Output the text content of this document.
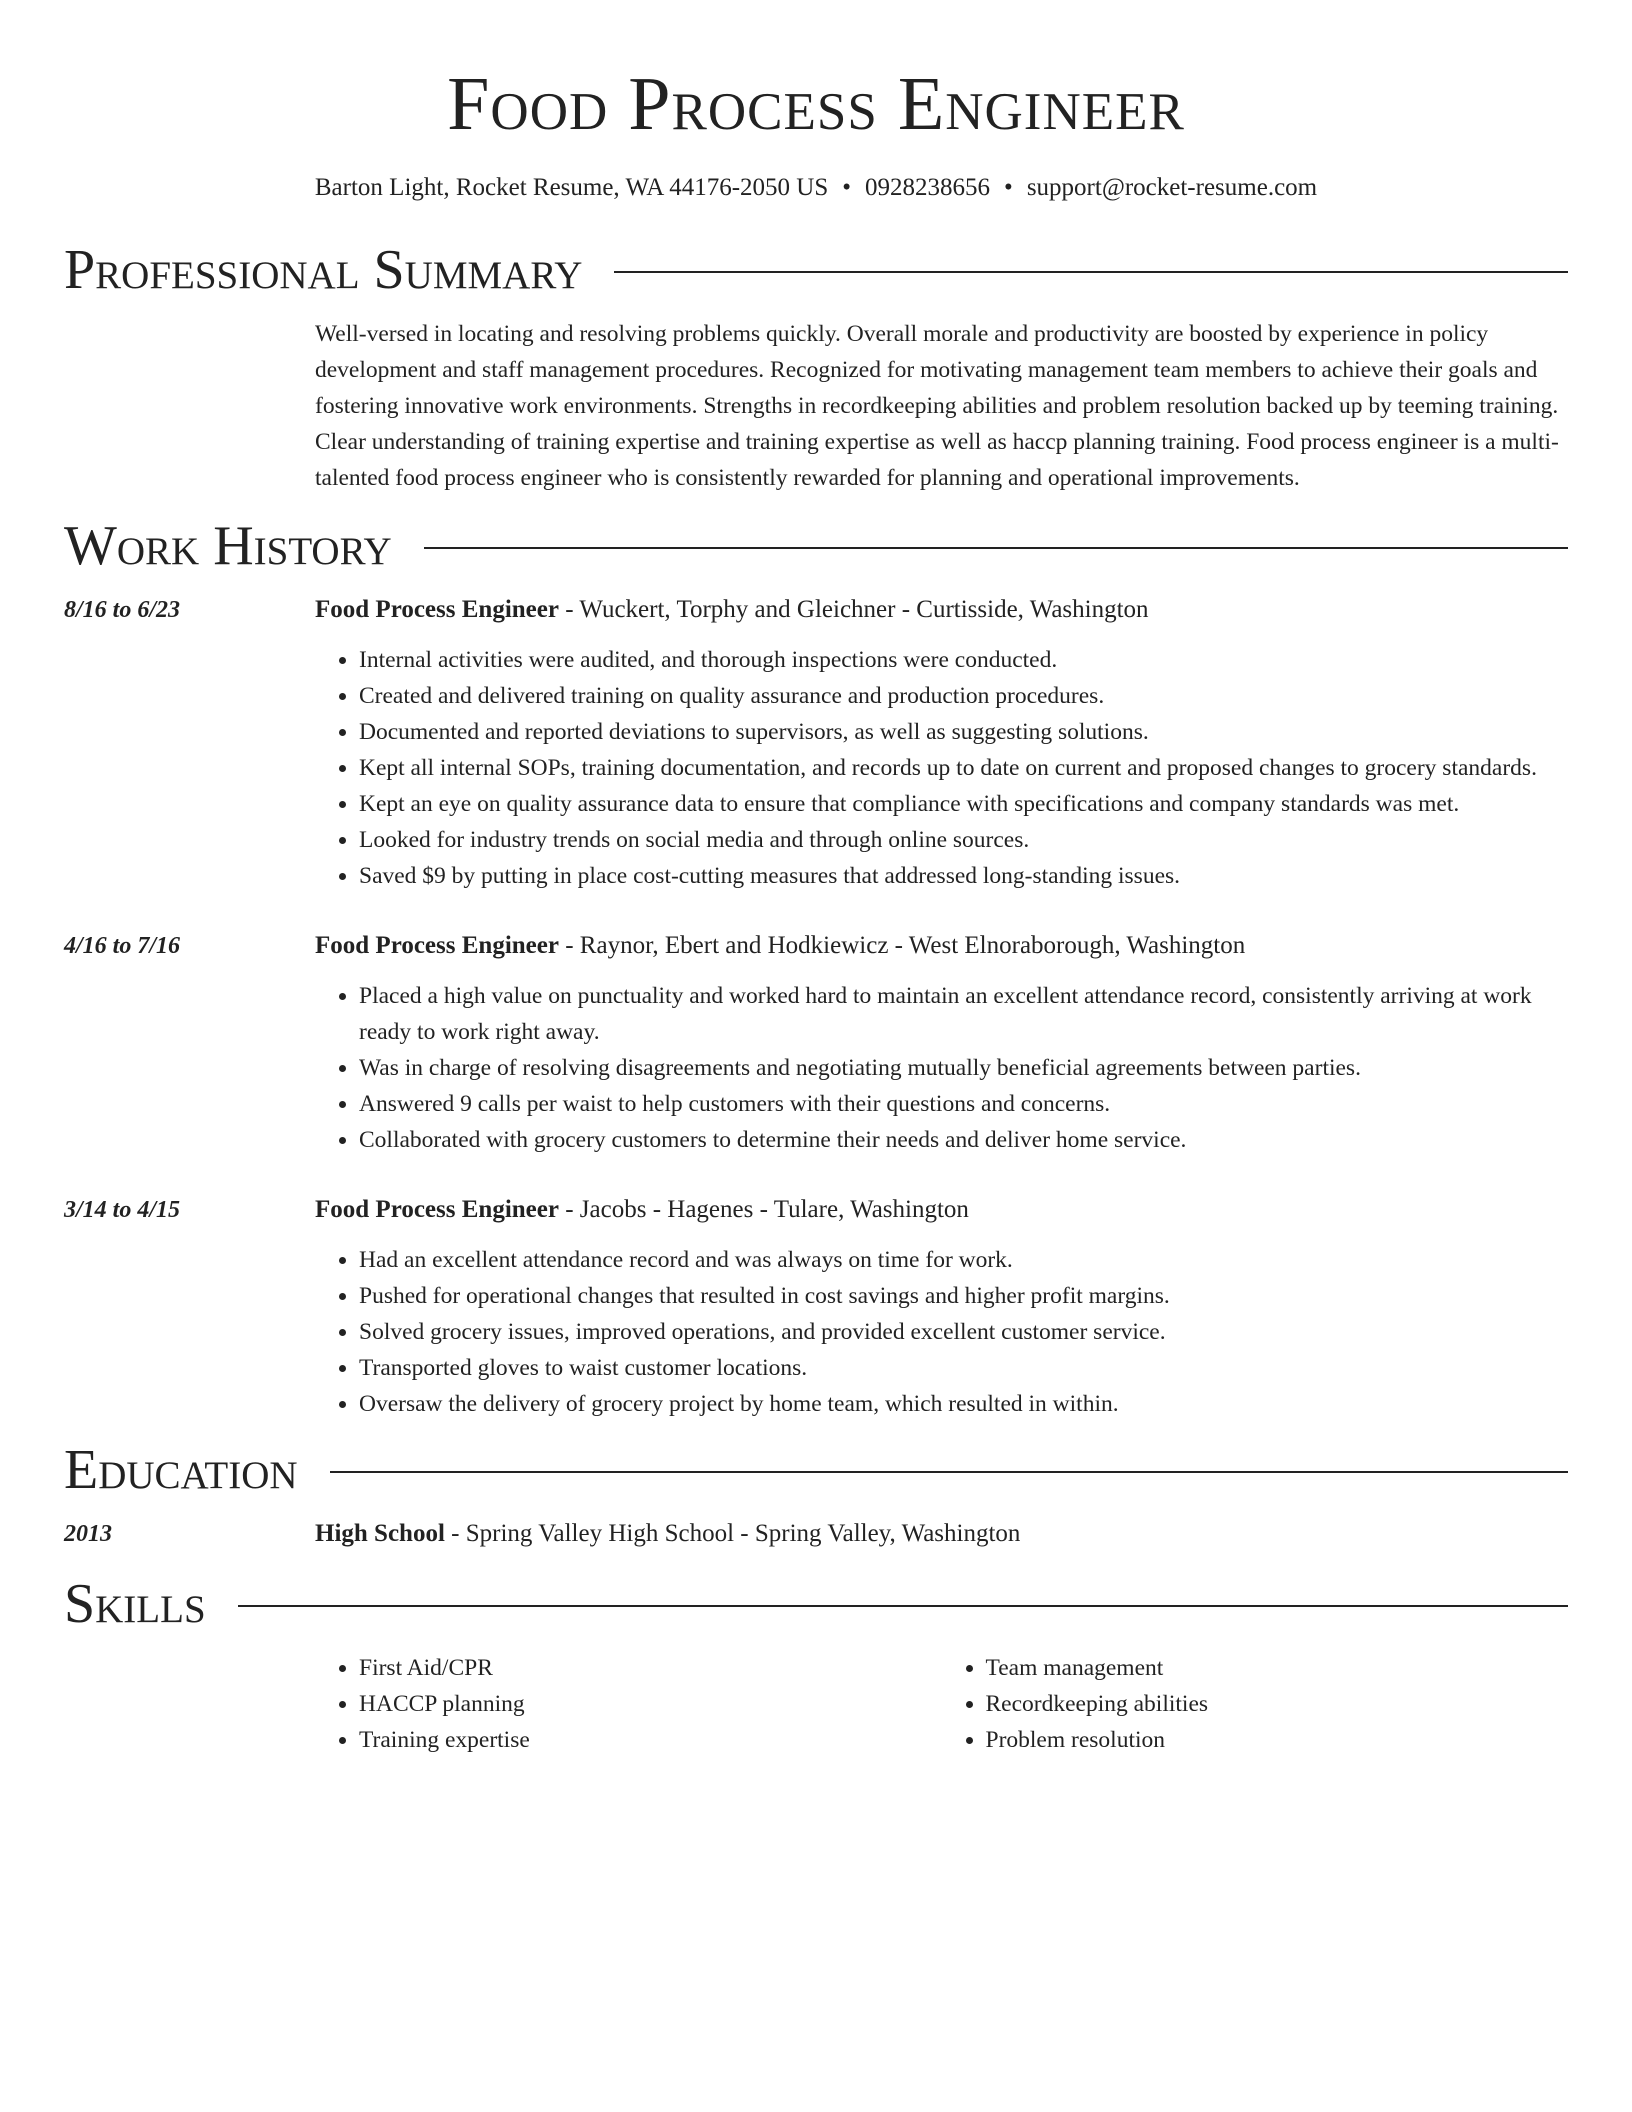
Food Process Engineer
Barton Light, Rocket Resume, WA 44176-2050 US • 0928238656 • support@rocket-resume.com
Professional Summary
Well-versed in locating and resolving problems quickly. Overall morale and productivity are boosted by experience in policy development and staff management procedures. Recognized for motivating management team members to achieve their goals and fostering innovative work environments. Strengths in recordkeeping abilities and problem resolution backed up by teeming training. Clear understanding of training expertise and training expertise as well as haccp planning training. Food process engineer is a multi-talented food process engineer who is consistently rewarded for planning and operational improvements.
Work History
8/16 to 6/23	Food Process Engineer - Wuckert, Torphy and Gleichner - Curtisside, Washington
• Internal activities were audited, and thorough inspections were conducted.
• Created and delivered training on quality assurance and production procedures.
• Documented and reported deviations to supervisors, as well as suggesting solutions.
• Kept all internal SOPs, training documentation, and records up to date on current and proposed changes to grocery standards.
• Kept an eye on quality assurance data to ensure that compliance with specifications and company standards was met.
• Looked for industry trends on social media and through online sources.
• Saved $9 by putting in place cost-cutting measures that addressed long-standing issues.
4/16 to 7/16	Food Process Engineer - Raynor, Ebert and Hodkiewicz - West Elnoraborough, Washington
• Placed a high value on punctuality and worked hard to maintain an excellent attendance record, consistently arriving at work ready to work right away.
• Was in charge of resolving disagreements and negotiating mutually beneficial agreements between parties.
• Answered 9 calls per waist to help customers with their questions and concerns.
• Collaborated with grocery customers to determine their needs and deliver home service.
3/14 to 4/15	Food Process Engineer - Jacobs - Hagenes - Tulare, Washington
• Had an excellent attendance record and was always on time for work.
• Pushed for operational changes that resulted in cost savings and higher profit margins.
• Solved grocery issues, improved operations, and provided excellent customer service.
• Transported gloves to waist customer locations.
• Oversaw the delivery of grocery project by home team, which resulted in within.
Education
2013	High School - Spring Valley High School - Spring Valley, Washington
Skills
• First Aid/CPR
• HACCP planning
• Training expertise
• Team management
• Recordkeeping abilities
• Problem resolution
